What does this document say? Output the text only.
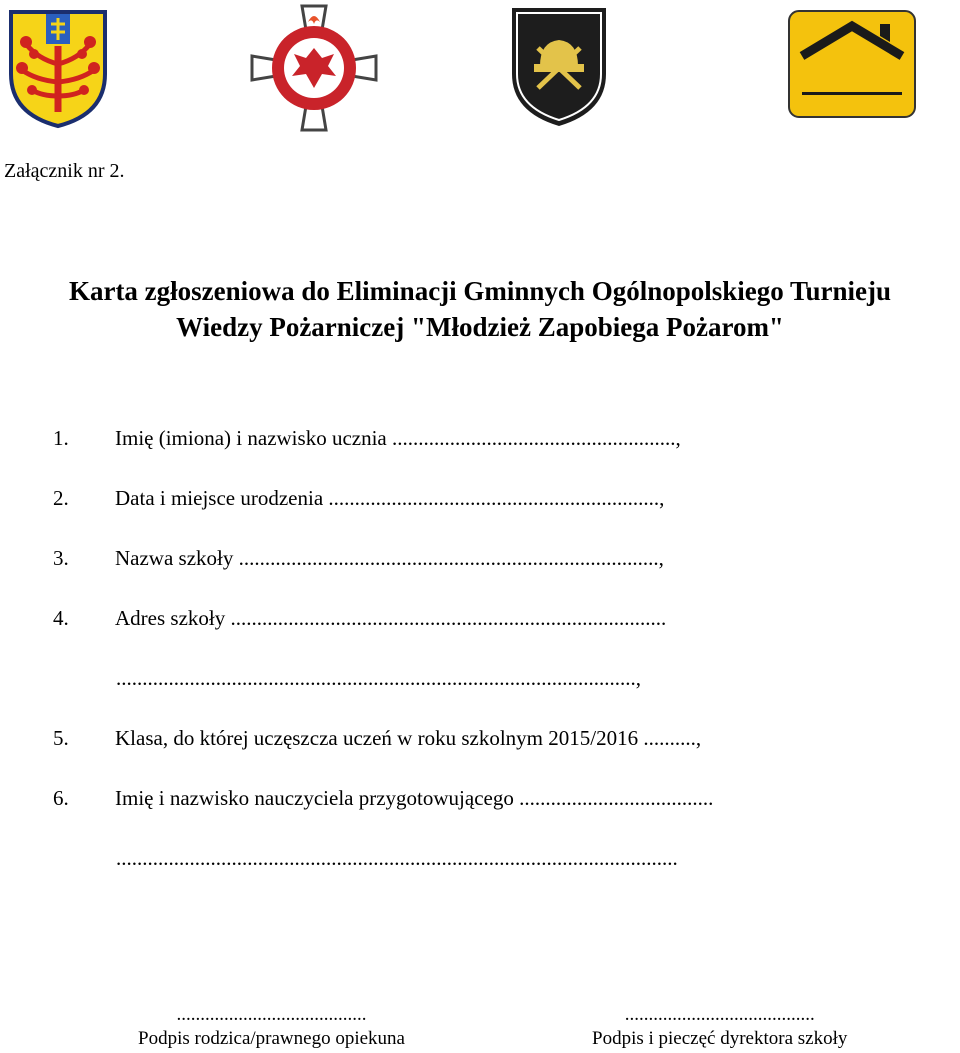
Załącznik nr 2.
Karta zgłoszeniowa do Eliminacji Gminnych Ogólnopolskiego Turnieju
Wiedzy Pożarniczej "Młodzież Zapobiega Pożarom"
1. Imię (imiona) i nazwisko ucznia ......................................................,
2. Data i miejsce urodzenia ...............................................................,
3. Nazwa szkoły ................................................................................,
4. Adres szkoły ...................................................................................
...................................................................................................,
5. Klasa, do której uczęszcza uczeń w roku szkolnym 2015/2016 ..........,
6. Imię i nazwisko nauczyciela przygotowującego .....................................
...........................................................................................................
........................................
Podpis rodzica/prawnego opiekuna
........................................
Podpis i pieczęć dyrektora szkoły
